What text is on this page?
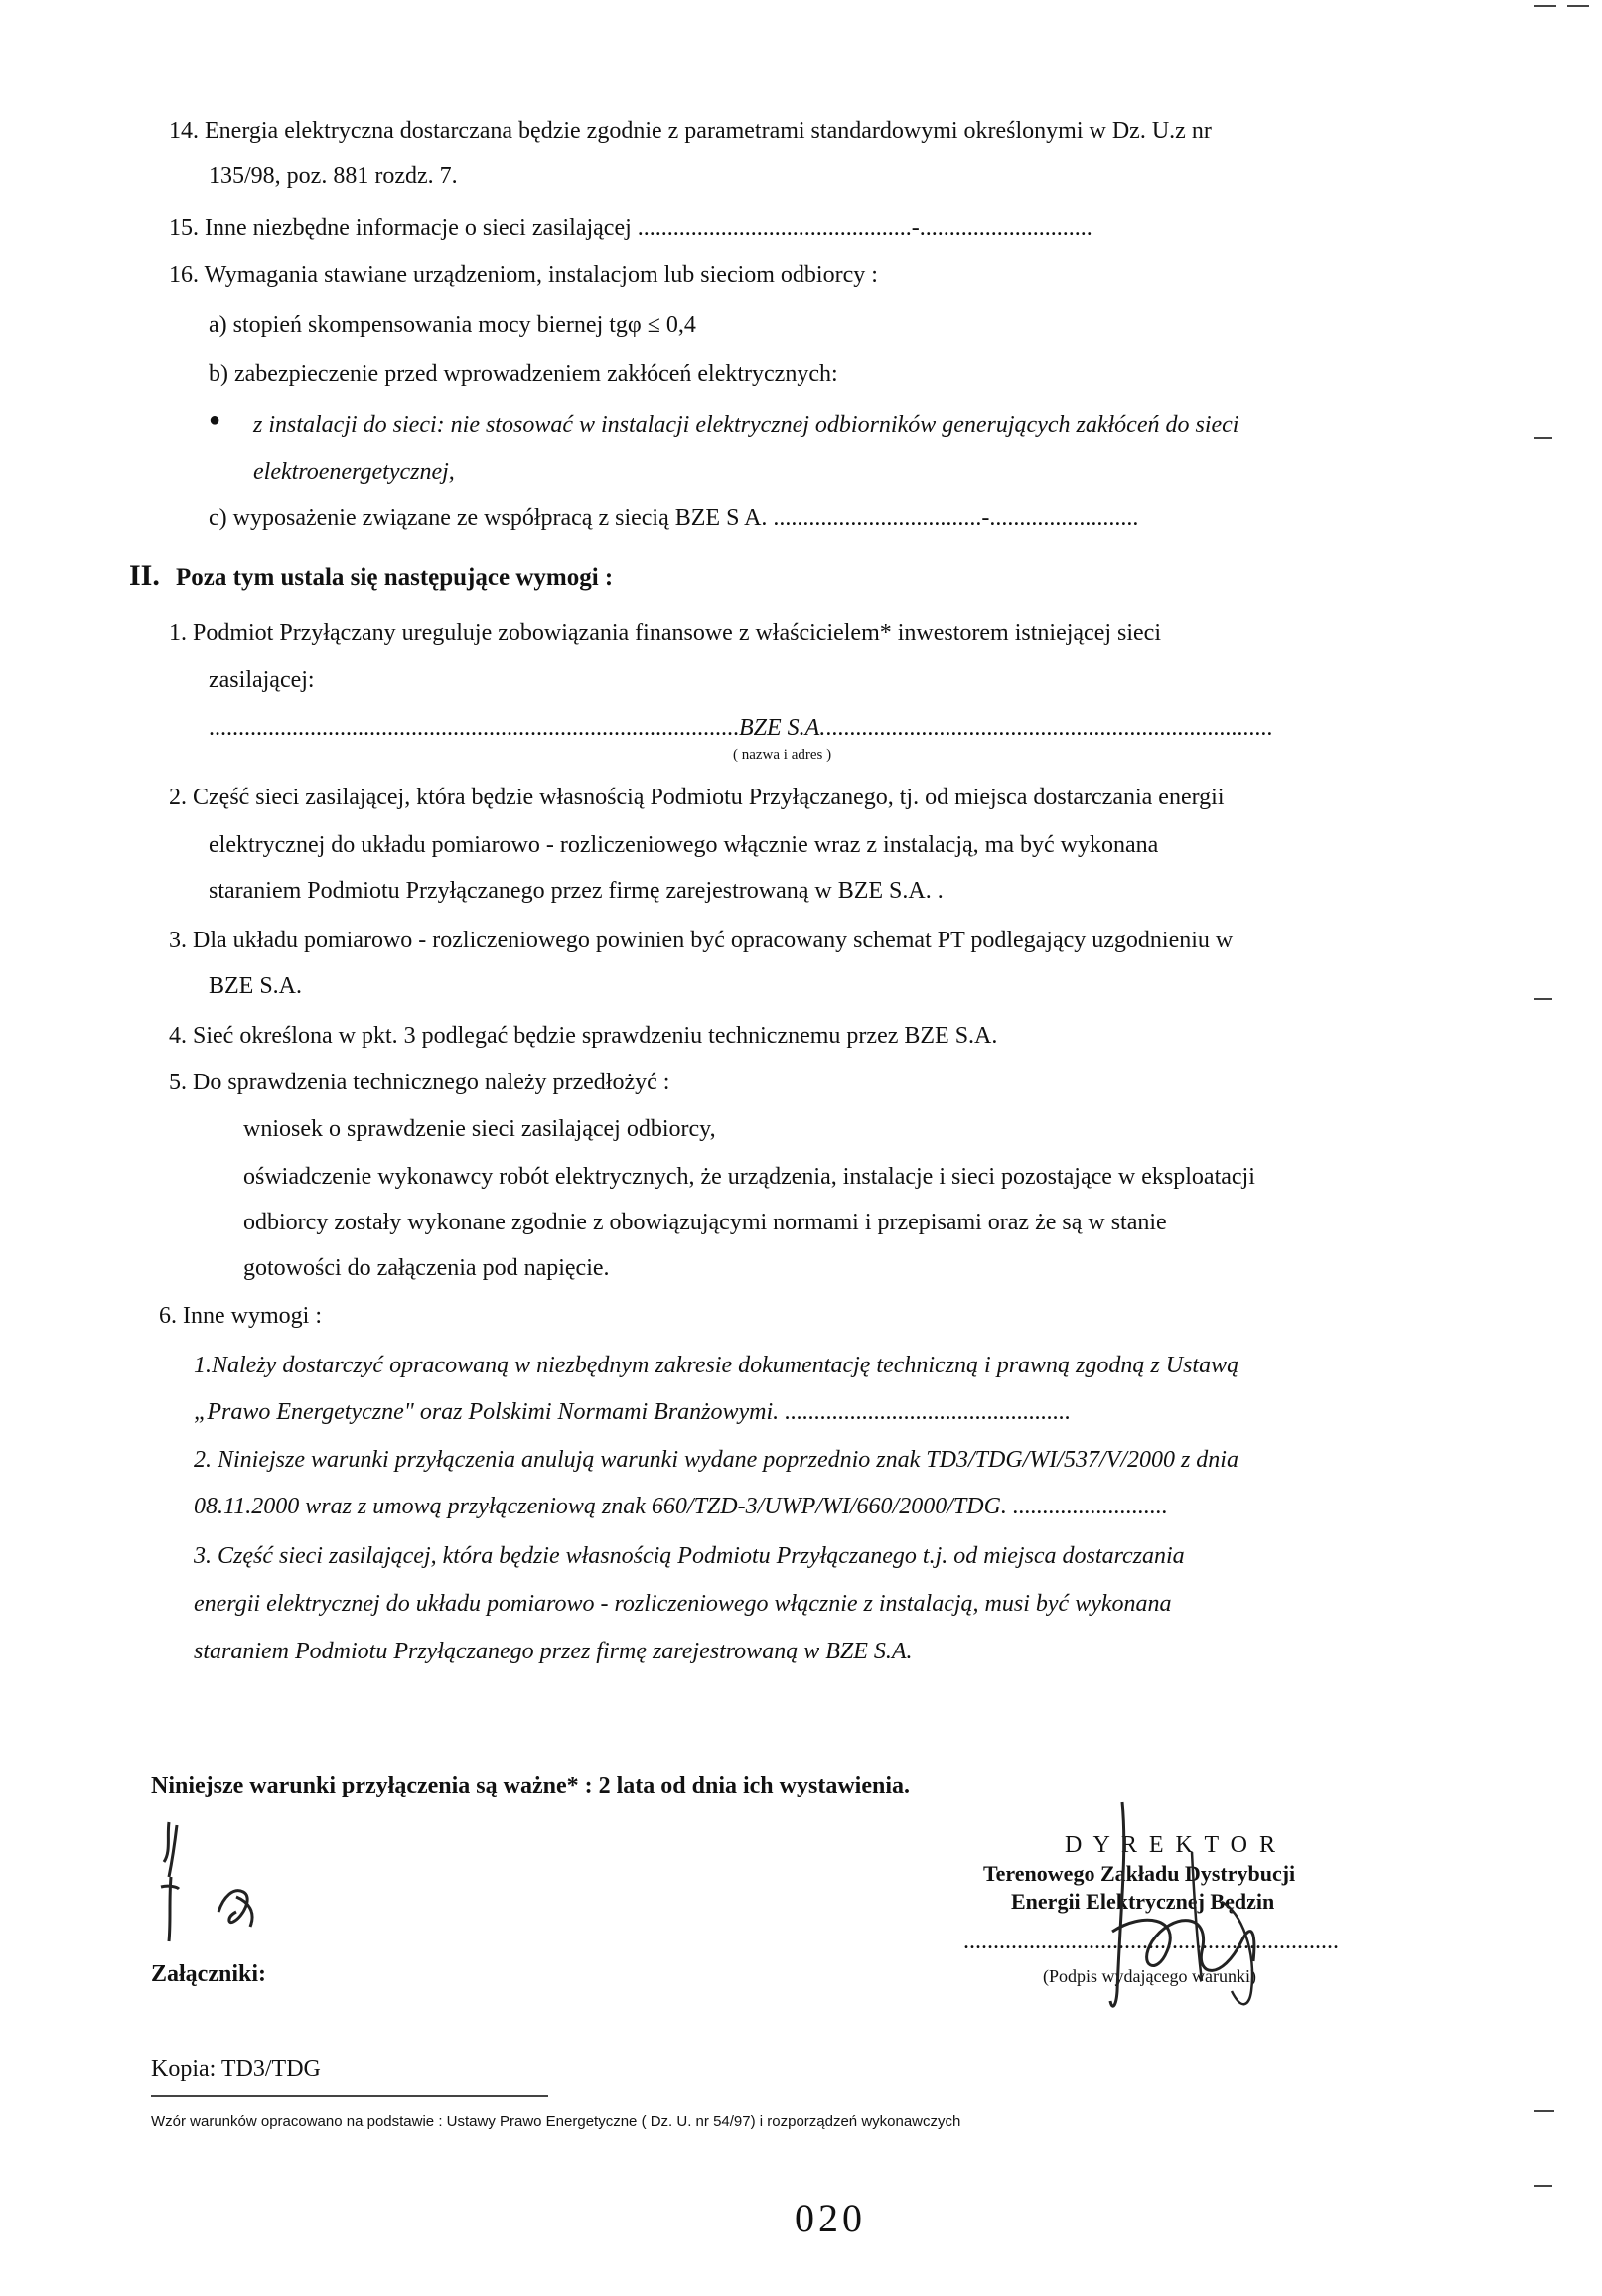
14. Energia elektryczna dostarczana będzie zgodnie z parametrami standardowymi określonymi w Dz. U.z nr
135/98, poz. 881 rozdz. 7.
15. Inne niezbędne informacje o sieci zasilającej ..............................................-.............................
16. Wymagania stawiane urządzeniom, instalacjom lub sieciom odbiorcy :
a) stopień skompensowania mocy biernej tgφ ≤ 0,4
b) zabezpieczenie przed wprowadzeniem zakłóceń elektrycznych:
● z instalacji do sieci: nie stosować w instalacji elektrycznej odbiorników generujących zakłóceń do sieci
elektroenergetycznej,
c) wyposażenie związane ze współpracą z siecią BZE S A. ...................................-.........................
II. Poza tym ustala się następujące wymogi :
1. Podmiot Przyłączany ureguluje zobowiązania finansowe z właścicielem* inwestorem istniejącej sieci
zasilającej:
.........................................................................................BZE S.A............................................................................
( nazwa i adres )
2. Część sieci zasilającej, która będzie własnością Podmiotu Przyłączanego, tj. od miejsca dostarczania energii
elektrycznej do układu pomiarowo - rozliczeniowego włącznie wraz z instalacją, ma być wykonana
staraniem Podmiotu Przyłączanego przez firmę zarejestrowaną w BZE S.A. .
3. Dla układu pomiarowo - rozliczeniowego powinien być opracowany schemat PT podlegający uzgodnieniu w
BZE S.A.
4. Sieć określona w pkt. 3 podlegać będzie sprawdzeniu technicznemu przez BZE S.A.
5. Do sprawdzenia technicznego należy przedłożyć :
wniosek o sprawdzenie sieci zasilającej odbiorcy,
oświadczenie wykonawcy robót elektrycznych, że urządzenia, instalacje i sieci pozostające w eksploatacji
odbiorcy zostały wykonane zgodnie z obowiązującymi normami i przepisami oraz że są w stanie
gotowości do załączenia pod napięcie.
6. Inne wymogi :
1.Należy dostarczyć opracowaną w niezbędnym zakresie dokumentację techniczną i prawną zgodną z Ustawą
„Prawo Energetyczne" oraz Polskimi Normami Branżowymi. ................................................
2. Niniejsze warunki przyłączenia anulują warunki wydane poprzednio znak TD3/TDG/WI/537/V/2000 z dnia
08.11.2000 wraz z umową przyłączeniową znak 660/TZD-3/UWP/WI/660/2000/TDG. ..........................
3. Część sieci zasilającej, która będzie własnością Podmiotu Przyłączanego t.j. od miejsca dostarczania
energii elektrycznej do układu pomiarowo - rozliczeniowego włącznie z instalacją, musi być wykonana
staraniem Podmiotu Przyłączanego przez firmę zarejestrowaną w BZE S.A.
Niniejsze warunki przyłączenia są ważne* : 2 lata od dnia ich wystawienia.
D Y R E K T O R
Terenowego Zakładu Dystrybucji
Energii Elektrycznej Będzin
...............................................................
(Podpis wydającego warunki)
Załączniki:
Kopia: TD3/TDG
Wzór warunków opracowano na podstawie : Ustawy Prawo Energetyczne ( Dz. U. nr 54/97) i rozporządzeń wykonawczych
020
